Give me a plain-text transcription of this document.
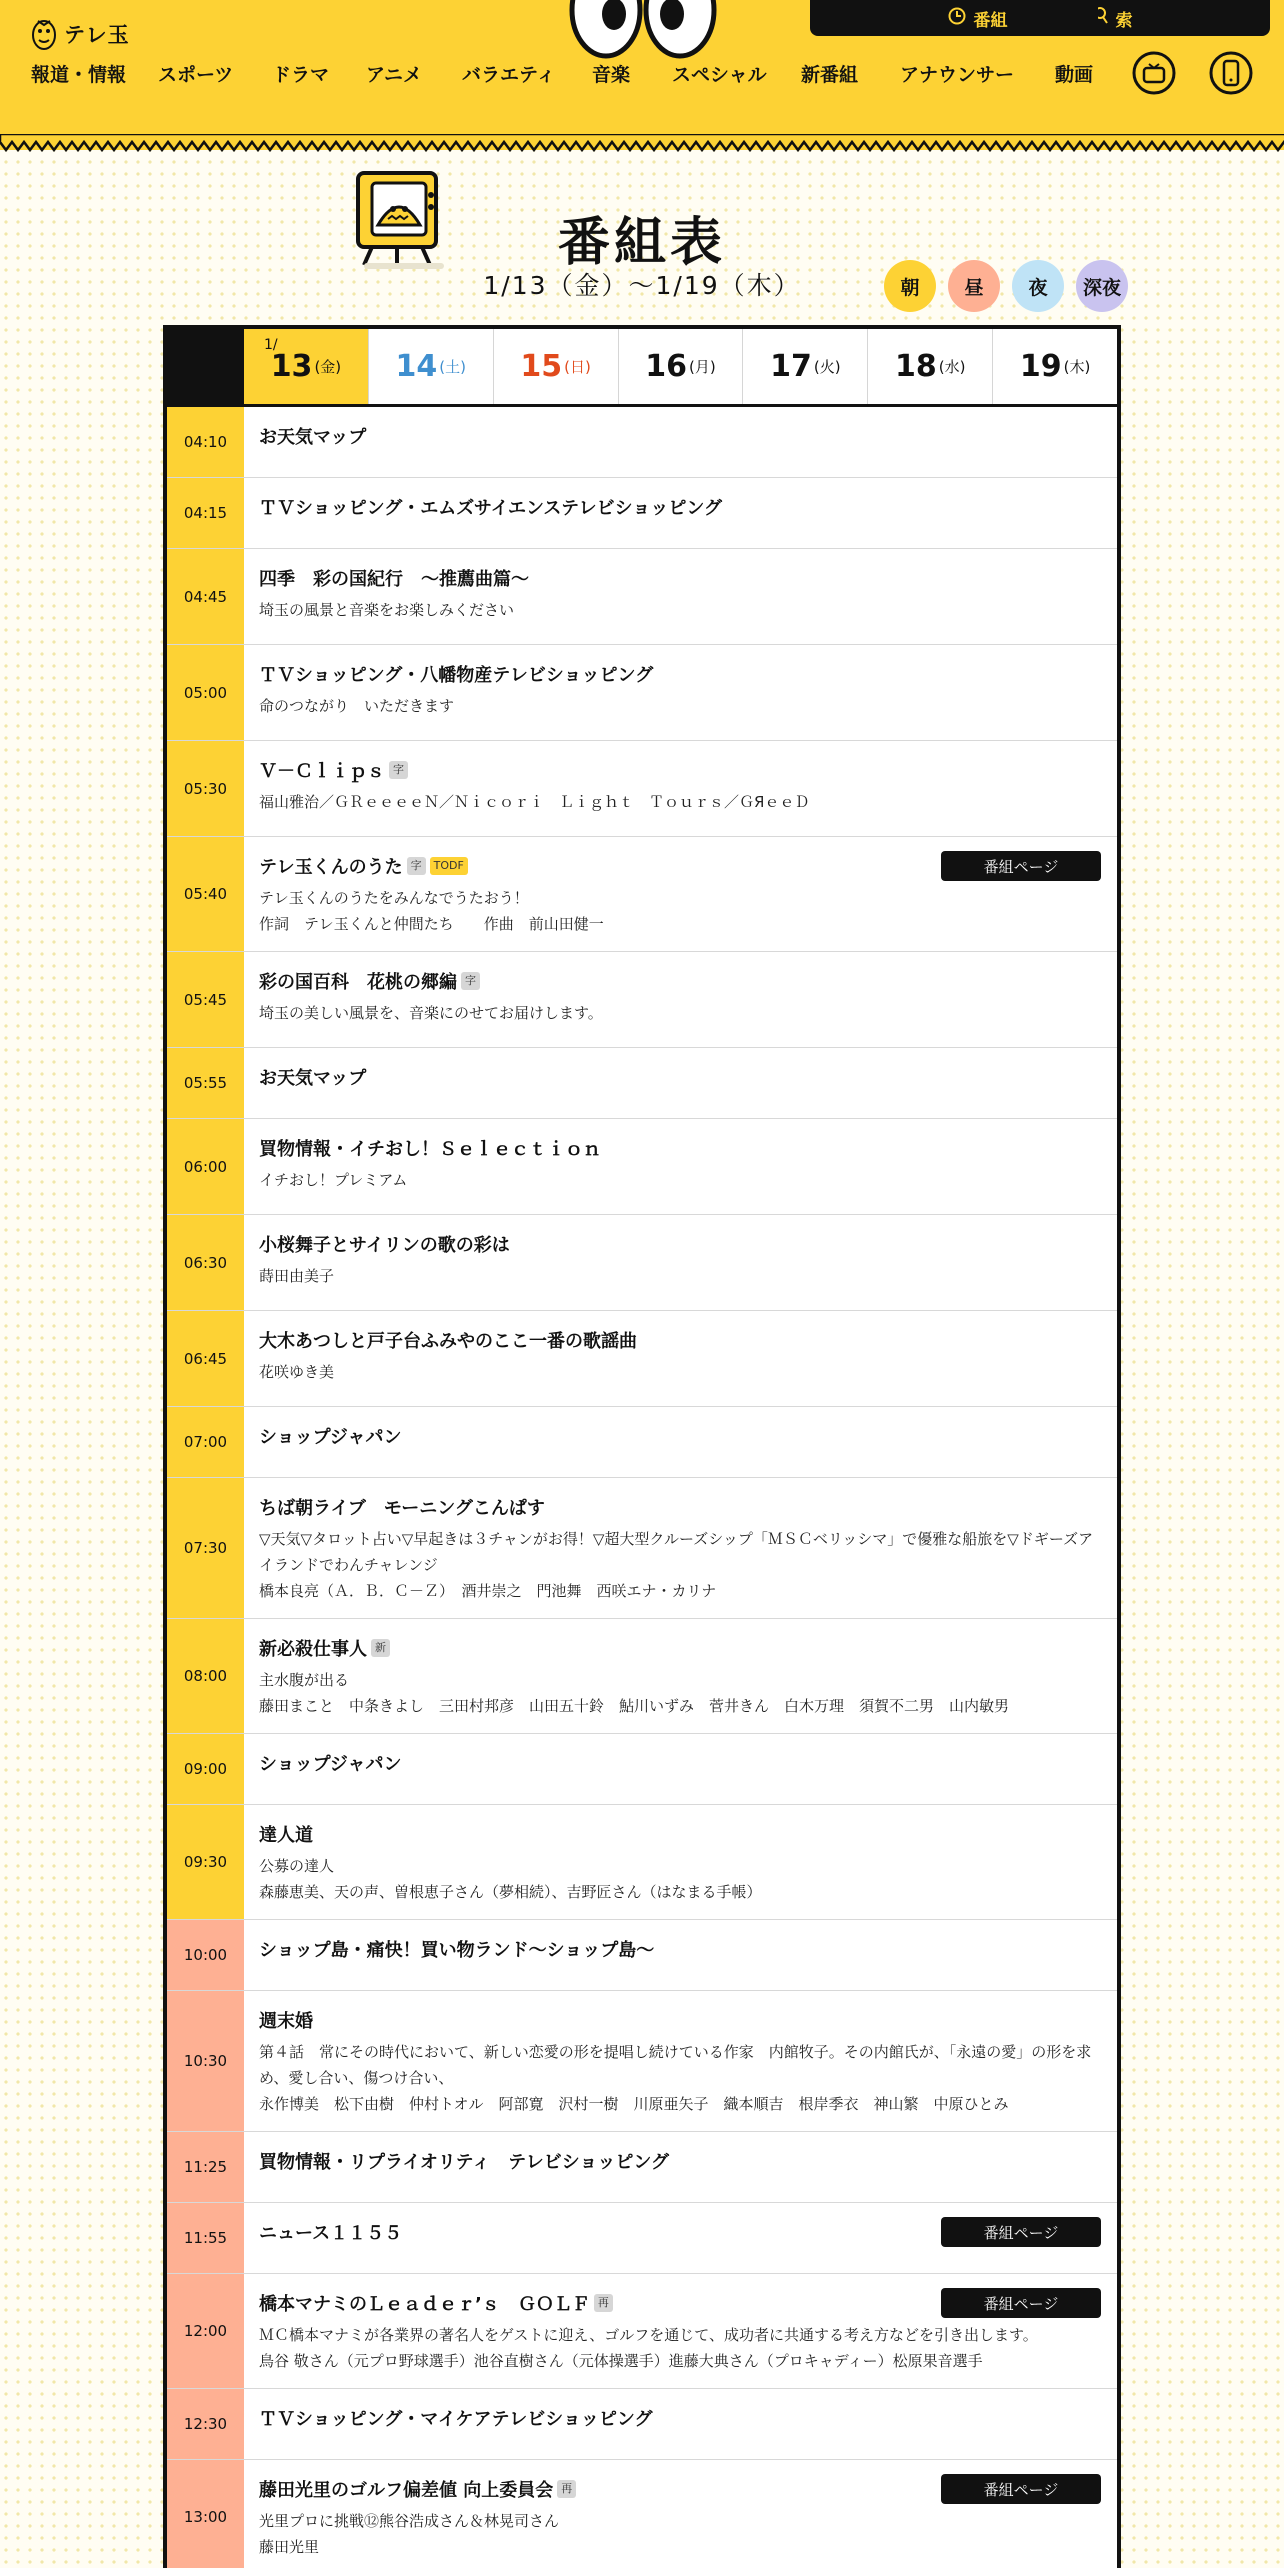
テレ玉
番組	索
報道・情報 スポーツ ドラマ アニメ バラエティ 音楽 スペシャル 新番組 アナウンサー 動画
番組表
1/13（金）〜1/19（木）	朝	昼	夜	深夜
1/
13 (金) 14 (土) 15 (日) 16 (月) 17 (火) 18 (水) 19 (木)
04:10	お天気マップ
04:15	ＴＶショッピング・エムズサイエンステレビショッピング
04:45
四季　彩の国紀行　～推薦曲篇～
埼玉の風景と音楽をお楽しみください
05:00
ＴＶショッピング・八幡物産テレビショッピング
命のつながり　いただきます
05:30
Ｖ－Ｃｌｉｐｓ 字
福山雅治／ＧＲｅｅｅｅＮ／Ｎｉｃｏｒｉ　Ｌｉｇｈｔ　Ｔｏｕｒｓ／ＧЯｅｅＤ
05:40
テレ玉くんのうた 字	TODF	番組ページ
テレ玉くんのうたをみんなでうたおう！
作詞　テレ玉くんと仲間たち　　作曲　前山田健一
05:45
彩の国百科　花桃の郷編 字
埼玉の美しい風景を、音楽にのせてお届けします。
05:55	お天気マップ
06:00
買物情報・イチおし！Ｓｅｌｅｃｔｉｏｎ
イチおし！プレミアム
06:30
小桜舞子とサイリンの歌の彩は
蒔田由美子
06:45
大木あつしと戸子台ふみやのここ一番の歌謡曲
花咲ゆき美
07:00	ショップジャパン
07:30
ちば朝ライブ　モーニングこんぱす
▽天気▽タロット占い▽早起きは３チャンがお得！▽超大型クルーズシップ「ＭＳＣベリッシマ」で優雅な船旅を▽ドギーズアイランドでわんチャレンジ
橋本良亮（Ａ．Ｂ．Ｃ－Ｚ）　酒井崇之　門池舞　西咲エナ・カリナ
08:00
新必殺仕事人 新
主水腹が出る
藤田まこと　中条きよし　三田村邦彦　山田五十鈴　鮎川いずみ　菅井きん　白木万理　須賀不二男　山内敏男
09:00	ショップジャパン
09:30
達人道
公募の達人
森藤恵美、天の声、曽根恵子さん（夢相続）、吉野匠さん（はなまる手帳）
10:00	ショップ島・痛快！買い物ランド～ショップ島～
10:30
週末婚
第４話　常にその時代において、新しい恋愛の形を提唱し続けている作家　内館牧子。その内館氏が、「永遠の愛」の形を求め、愛し合い、傷つけ合い、
永作博美　松下由樹　仲村トオル　阿部寛　沢村一樹　川原亜矢子　織本順吉　根岸季衣　神山繁　中原ひとみ
11:25	買物情報・リプライオリティ　テレビショッピング
11:55	ニュース１１５５	番組ページ
12:00
橋本マナミのＬｅａｄｅｒ’ｓ　ＧＯＬＦ 再	番組ページ
ＭＣ橋本マナミが各業界の著名人をゲストに迎え、ゴルフを通じて、成功者に共通する考え方などを引き出します。
鳥谷 敬さん（元プロ野球選手）池谷直樹さん（元体操選手）進藤大典さん（プロキャディー）松原果音選手
12:30	ＴＶショッピング・マイケアテレビショッピング
13:00
藤田光里のゴルフ偏差値 向上委員会 再	番組ページ
光里プロに挑戦⑫熊谷浩成さん＆林晃司さん
藤田光里
